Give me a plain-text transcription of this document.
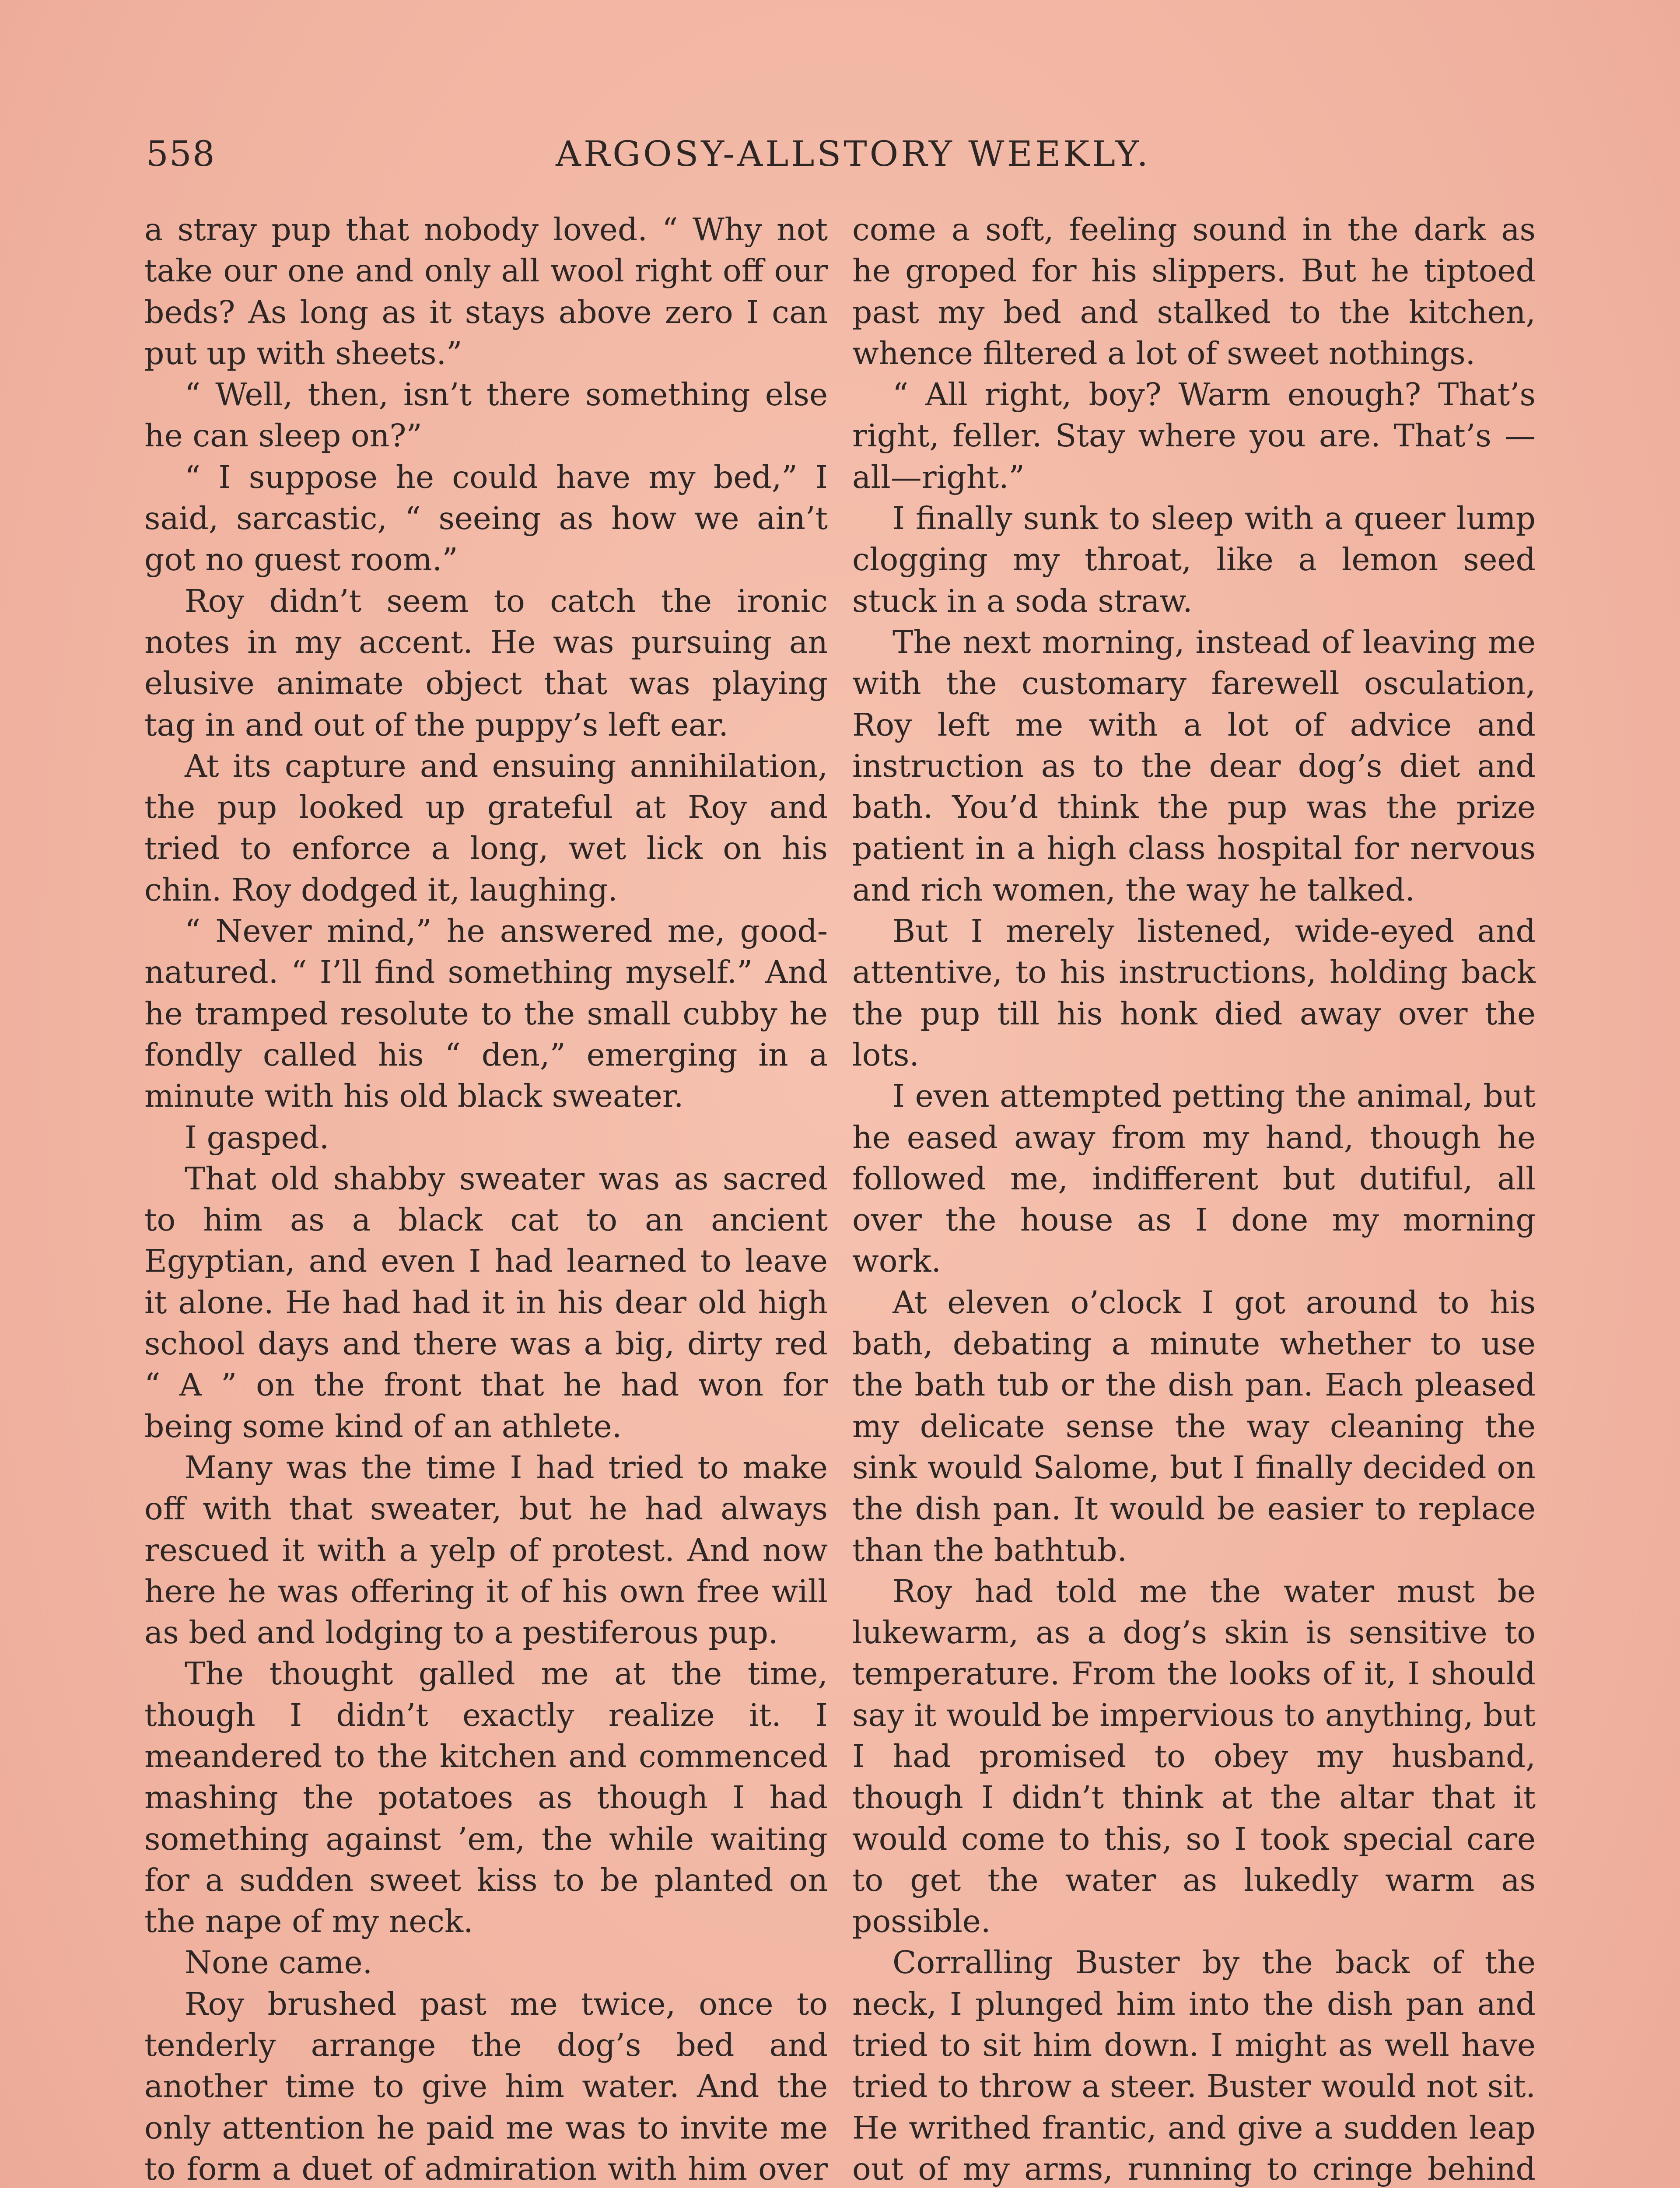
558	ARGOSY-ALLSTORY WEEKLY.

a stray pup that nobody loved. “ Why not take our one and only all wool right off our beds? As long as it stays above zero I can put up with sheets.”

“ Well, then, isn’t there something else he can sleep on?”

“ I suppose he could have my bed,” I said, sarcastic, “ seeing as how we ain’t got no guest room.”

Roy didn’t seem to catch the ironic notes in my accent. He was pursuing an elusive animate object that was playing tag in and out of the puppy’s left ear.

At its capture and ensuing annihilation, the pup looked up grateful at Roy and tried to enforce a long, wet lick on his chin. Roy dodged it, laughing.

“ Never mind,” he answered me, good-natured. “ I’ll find something myself.” And he tramped resolute to the small cubby he fondly called his “ den,” emerging in a minute with his old black sweater.

I gasped.

That old shabby sweater was as sacred to him as a black cat to an ancient Egyptian, and even I had learned to leave it alone. He had had it in his dear old high school days and there was a big, dirty red “ A ” on the front that he had won for being some kind of an athlete.

Many was the time I had tried to make off with that sweater, but he had always rescued it with a yelp of protest. And now here he was offering it of his own free will as bed and lodging to a pestiferous pup.

The thought galled me at the time, though I didn’t exactly realize it. I meandered to the kitchen and commenced mashing the potatoes as though I had something against ’em, the while waiting for a sudden sweet kiss to be planted on the nape of my neck.

None came.

Roy brushed past me twice, once to tenderly arrange the dog’s bed and another time to give him water. And the only attention he paid me was to invite me to form a duet of admiration with him over

come a soft, feeling sound in the dark as he groped for his slippers. But he tiptoed past my bed and stalked to the kitchen, whence filtered a lot of sweet nothings.

“ All right, boy? Warm enough? That’s right, feller. Stay where you are. That’s —all—right.”

I finally sunk to sleep with a queer lump clogging my throat, like a lemon seed stuck in a soda straw.

The next morning, instead of leaving me with the customary farewell osculation, Roy left me with a lot of advice and instruction as to the dear dog’s diet and bath. You’d think the pup was the prize patient in a high class hospital for nervous and rich women, the way he talked.

But I merely listened, wide-eyed and attentive, to his instructions, holding back the pup till his honk died away over the lots.

I even attempted petting the animal, but he eased away from my hand, though he followed me, indifferent but dutiful, all over the house as I done my morning work.

At eleven o’clock I got around to his bath, debating a minute whether to use the bath tub or the dish pan. Each pleased my delicate sense the way cleaning the sink would Salome, but I finally decided on the dish pan. It would be easier to replace than the bathtub.

Roy had told me the water must be lukewarm, as a dog’s skin is sensitive to temperature. From the looks of it, I should say it would be impervious to anything, but I had promised to obey my husband, though I didn’t think at the altar that it would come to this, so I took special care to get the water as lukedly warm as possible.

Corralling Buster by the back of the neck, I plunged him into the dish pan and tried to sit him down. I might as well have tried to throw a steer. Buster would not sit. He writhed frantic, and give a sudden leap out of my arms, running to cringe behind
